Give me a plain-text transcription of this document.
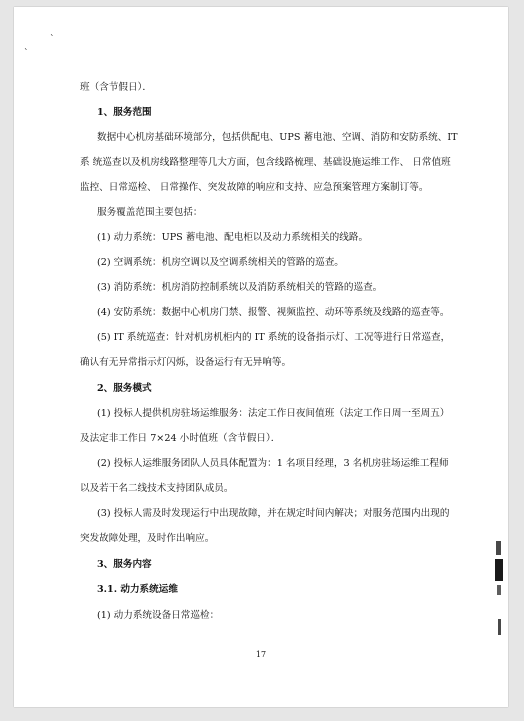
`
`
班（含节假日）．
1、服务范围
数据中心机房基础环境部分，包括供配电、UPS 蓄电池、空调、消防和安防系统、IT
系 统巡查以及机房线路整理等几大方面，包含线路梳理、基础设施运维工作、 日常值班
监控、日常巡检、 日常操作、突发故障的响应和支持、应急预案管理方案制订等。
服务覆盖范围主要包括：
(1) 动力系统：UPS 蓄电池、配电柜以及动力系统相关的线路。
(2) 空调系统：机房空调以及空调系统相关的管路的巡查。
(3) 消防系统：机房消防控制系统以及消防系统相关的管路的巡查。
(4) 安防系统：数据中心机房门禁、报警、视频监控、动环等系统及线路的巡查等。
(5) IT 系统巡查：针对机房机柜内的 IT 系统的设备指示灯、工况等进行日常巡查，
确认有无异常指示灯闪烁，设备运行有无异响等。
2、服务模式
(1) 投标人提供机房驻场运维服务：法定工作日夜间值班（法定工作日周一至周五）
及法定非工作日 7×24 小时值班（含节假日）．
(2) 投标人运维服务团队人员具体配置为：1 名项目经理，3 名机房驻场运维工程师
以及若干名二线技术支持团队成员。
(3) 投标人需及时发现运行中出现故障，并在规定时间内解决；对服务范围内出现的
突发故障处理，及时作出响应。
3、服务内容
3.1. 动力系统运维
(1) 动力系统设备日常巡检：
17
